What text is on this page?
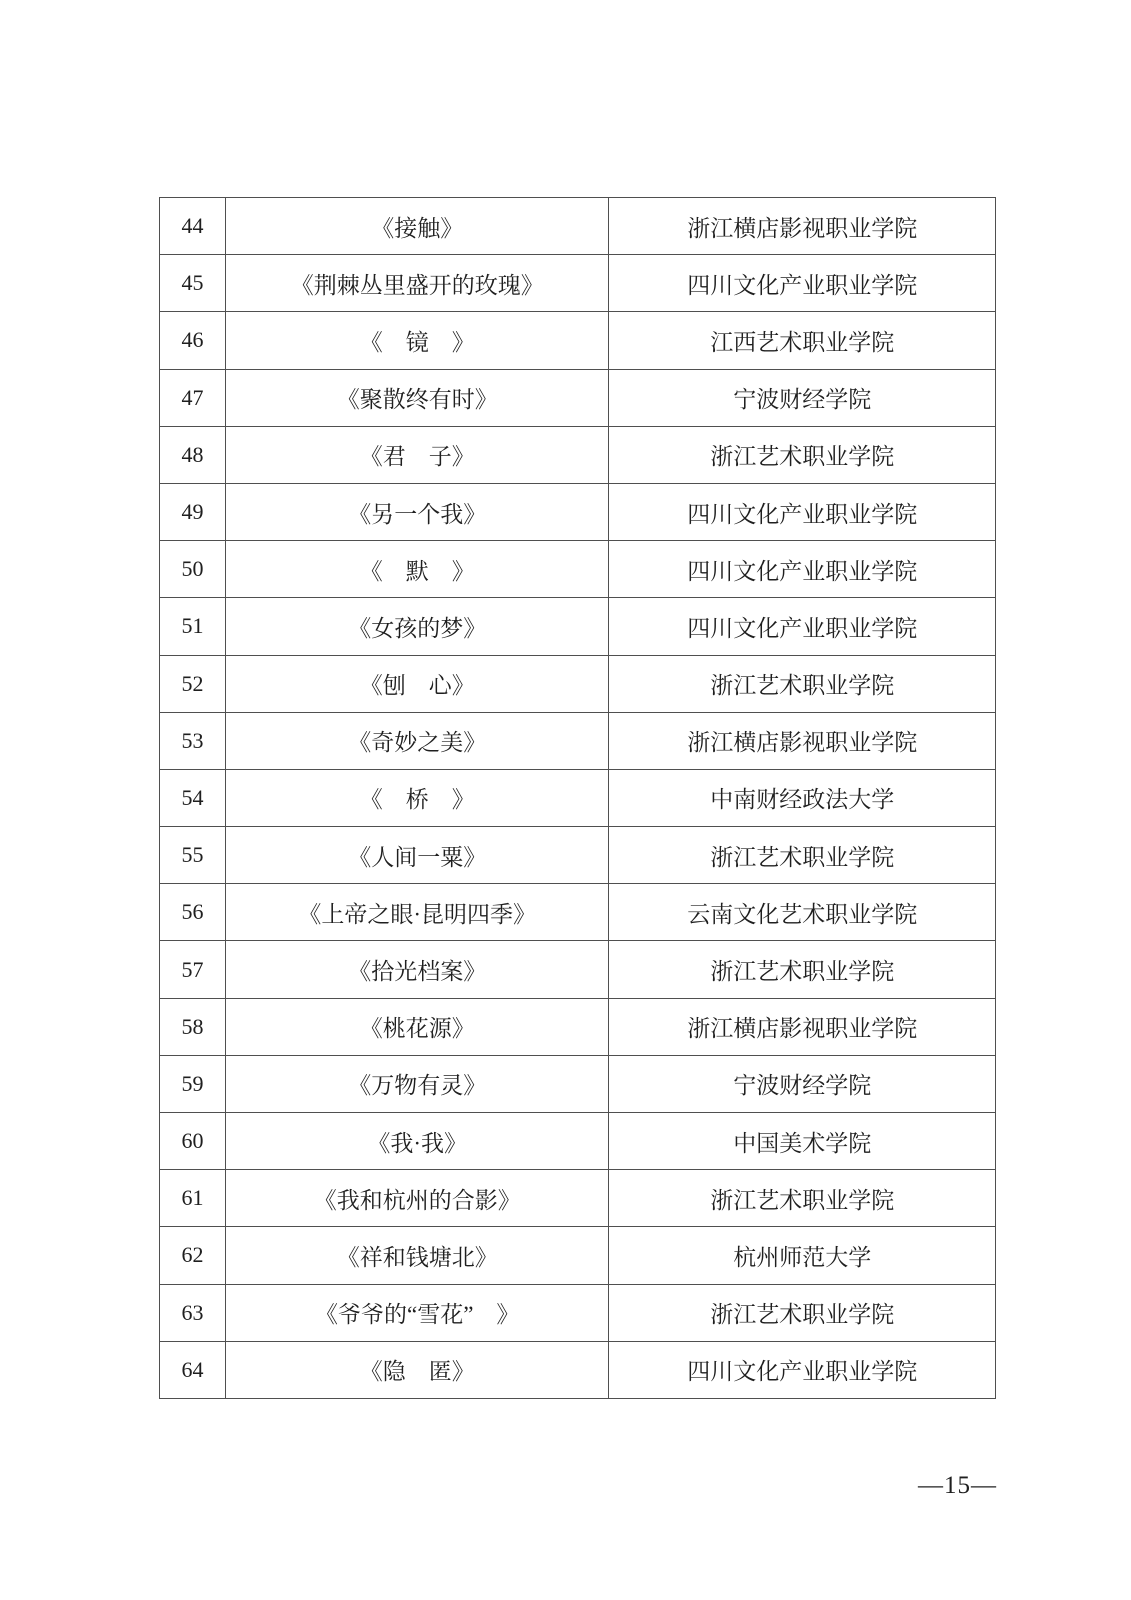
44	《接触》	浙江横店影视职业学院
45	《荆棘丛里盛开的玫瑰》	四川文化产业职业学院
46	《　镜　》	江西艺术职业学院
47	《聚散终有时》	宁波财经学院
48	《君　子》	浙江艺术职业学院
49	《另一个我》	四川文化产业职业学院
50	《　默　》	四川文化产业职业学院
51	《女孩的梦》	四川文化产业职业学院
52	《刨　心》	浙江艺术职业学院
53	《奇妙之美》	浙江横店影视职业学院
54	《　桥　》	中南财经政法大学
55	《人间一粟》	浙江艺术职业学院
56	《上帝之眼·昆明四季》	云南文化艺术职业学院
57	《拾光档案》	浙江艺术职业学院
58	《桃花源》	浙江横店影视职业学院
59	《万物有灵》	宁波财经学院
60	《我·我》	中国美术学院
61	《我和杭州的合影》	浙江艺术职业学院
62	《祥和钱塘北》	杭州师范大学
63	《爷爷的“雪花”　》	浙江艺术职业学院
64	《隐　匿》	四川文化产业职业学院
—15—
